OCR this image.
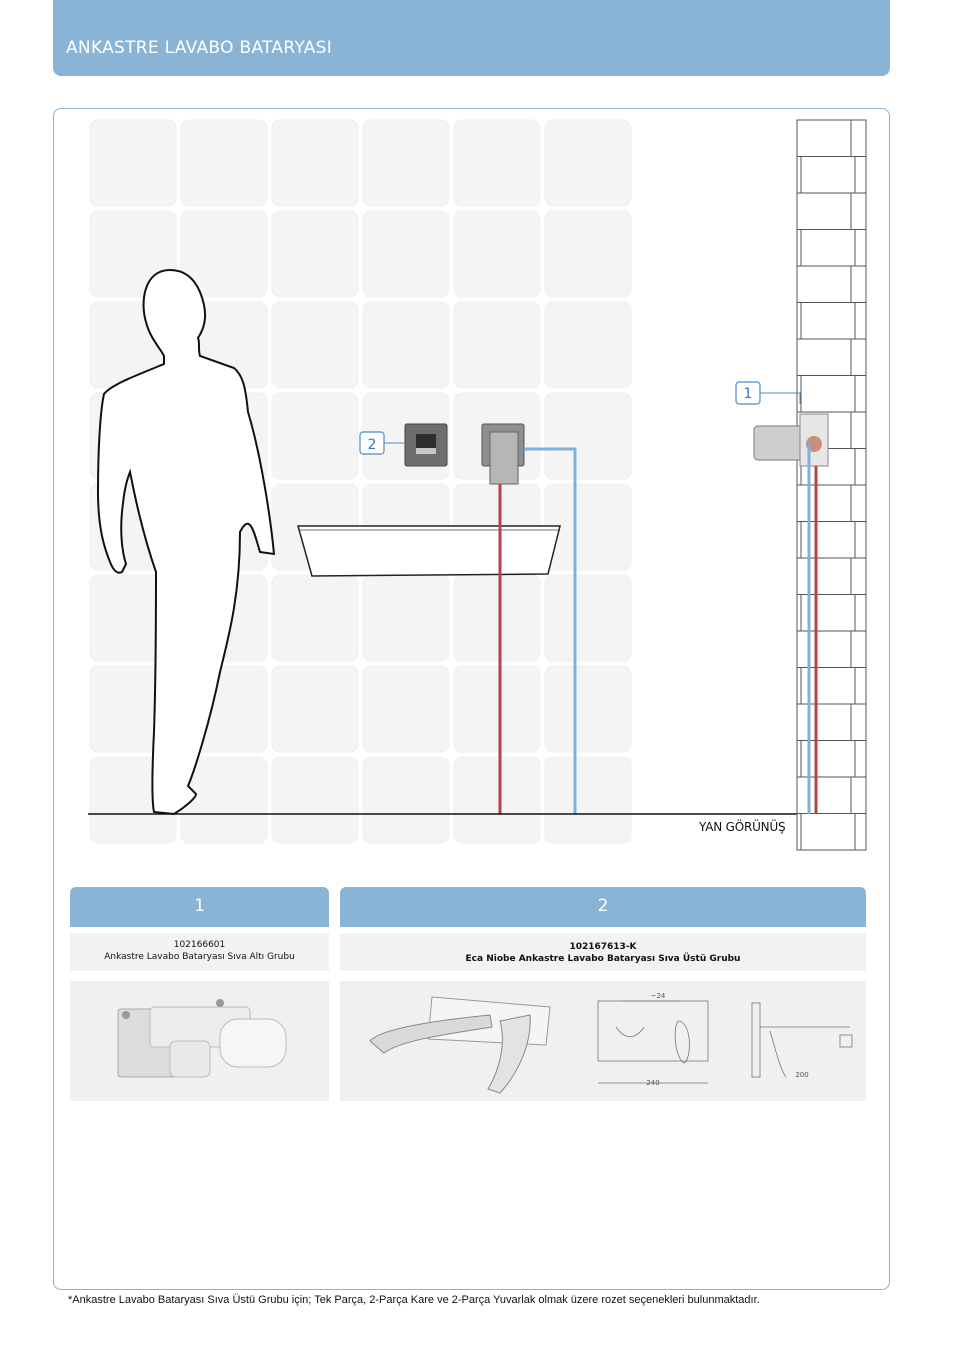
ANKASTRE LAVABO BATARYASI
1
2
YAN GÖRÜNÜŞ
1
102166601
Ankastre Lavabo Bataryası Sıva Altı Grubu
2
102167613-K
Eca Niobe Ankastre Lavabo Bataryası Sıva Üstü Grubu
240
~24
200
*Ankastre Lavabo Bataryası Sıva Üstü Grubu için; Tek Parça, 2-Parça Kare ve 2-Parça Yuvarlak olmak üzere rozet seçenekleri bulunmaktadır.
